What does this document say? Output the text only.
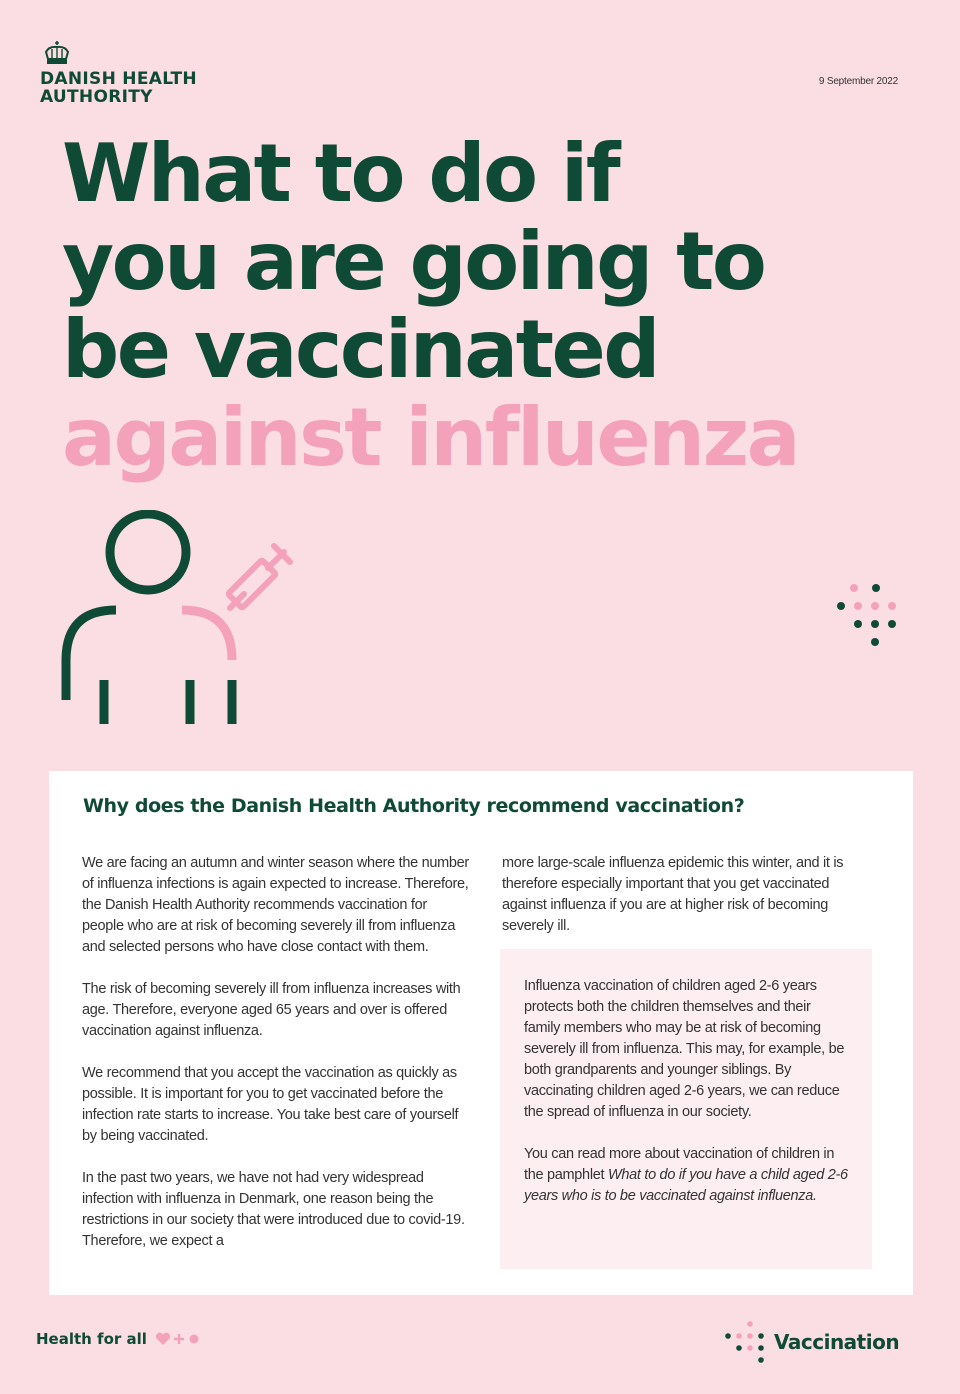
DANISH HEALTH
AUTHORITY
9 September 2022
What to do if
you are going to
be vaccinated
against influenza
Why does the Danish Health Authority recommend vaccination?

We are facing an autumn and winter season where the number of influenza infections is again expected to increase. Therefore, the Danish Health Authority recommends vaccination for people who are at risk of becoming severely ill from influenza and selected persons who have close contact with them.

The risk of becoming severely ill from influenza increases with age. Therefore, everyone aged 65 years and over is offered vaccination against influenza.

We recommend that you accept the vaccination as quickly as possible. It is important for you to get vaccinated before the infection rate starts to increase. You take best care of yourself by being vaccinated.

In the past two years, we have not had very widespread infection with influenza in Denmark, one reason being the restrictions in our society that were introduced due to covid-19. Therefore, we expect a

more large-scale influenza epidemic this winter, and it is therefore especially important that you get vaccinated against influenza if you are at higher risk of becoming severely ill.

Influenza vaccination of children aged 2-6 years protects both the children themselves and their family members who may be at risk of becoming severely ill from influenza. This may, for example, be both grandparents and younger siblings. By vaccinating children aged 2-6 years, we can reduce the spread of influenza in our society.

You can read more about vaccination of children in the pamphlet What to do if you have a child aged 2-6 years who is to be vaccinated against influenza.

Health for all	Vaccination
